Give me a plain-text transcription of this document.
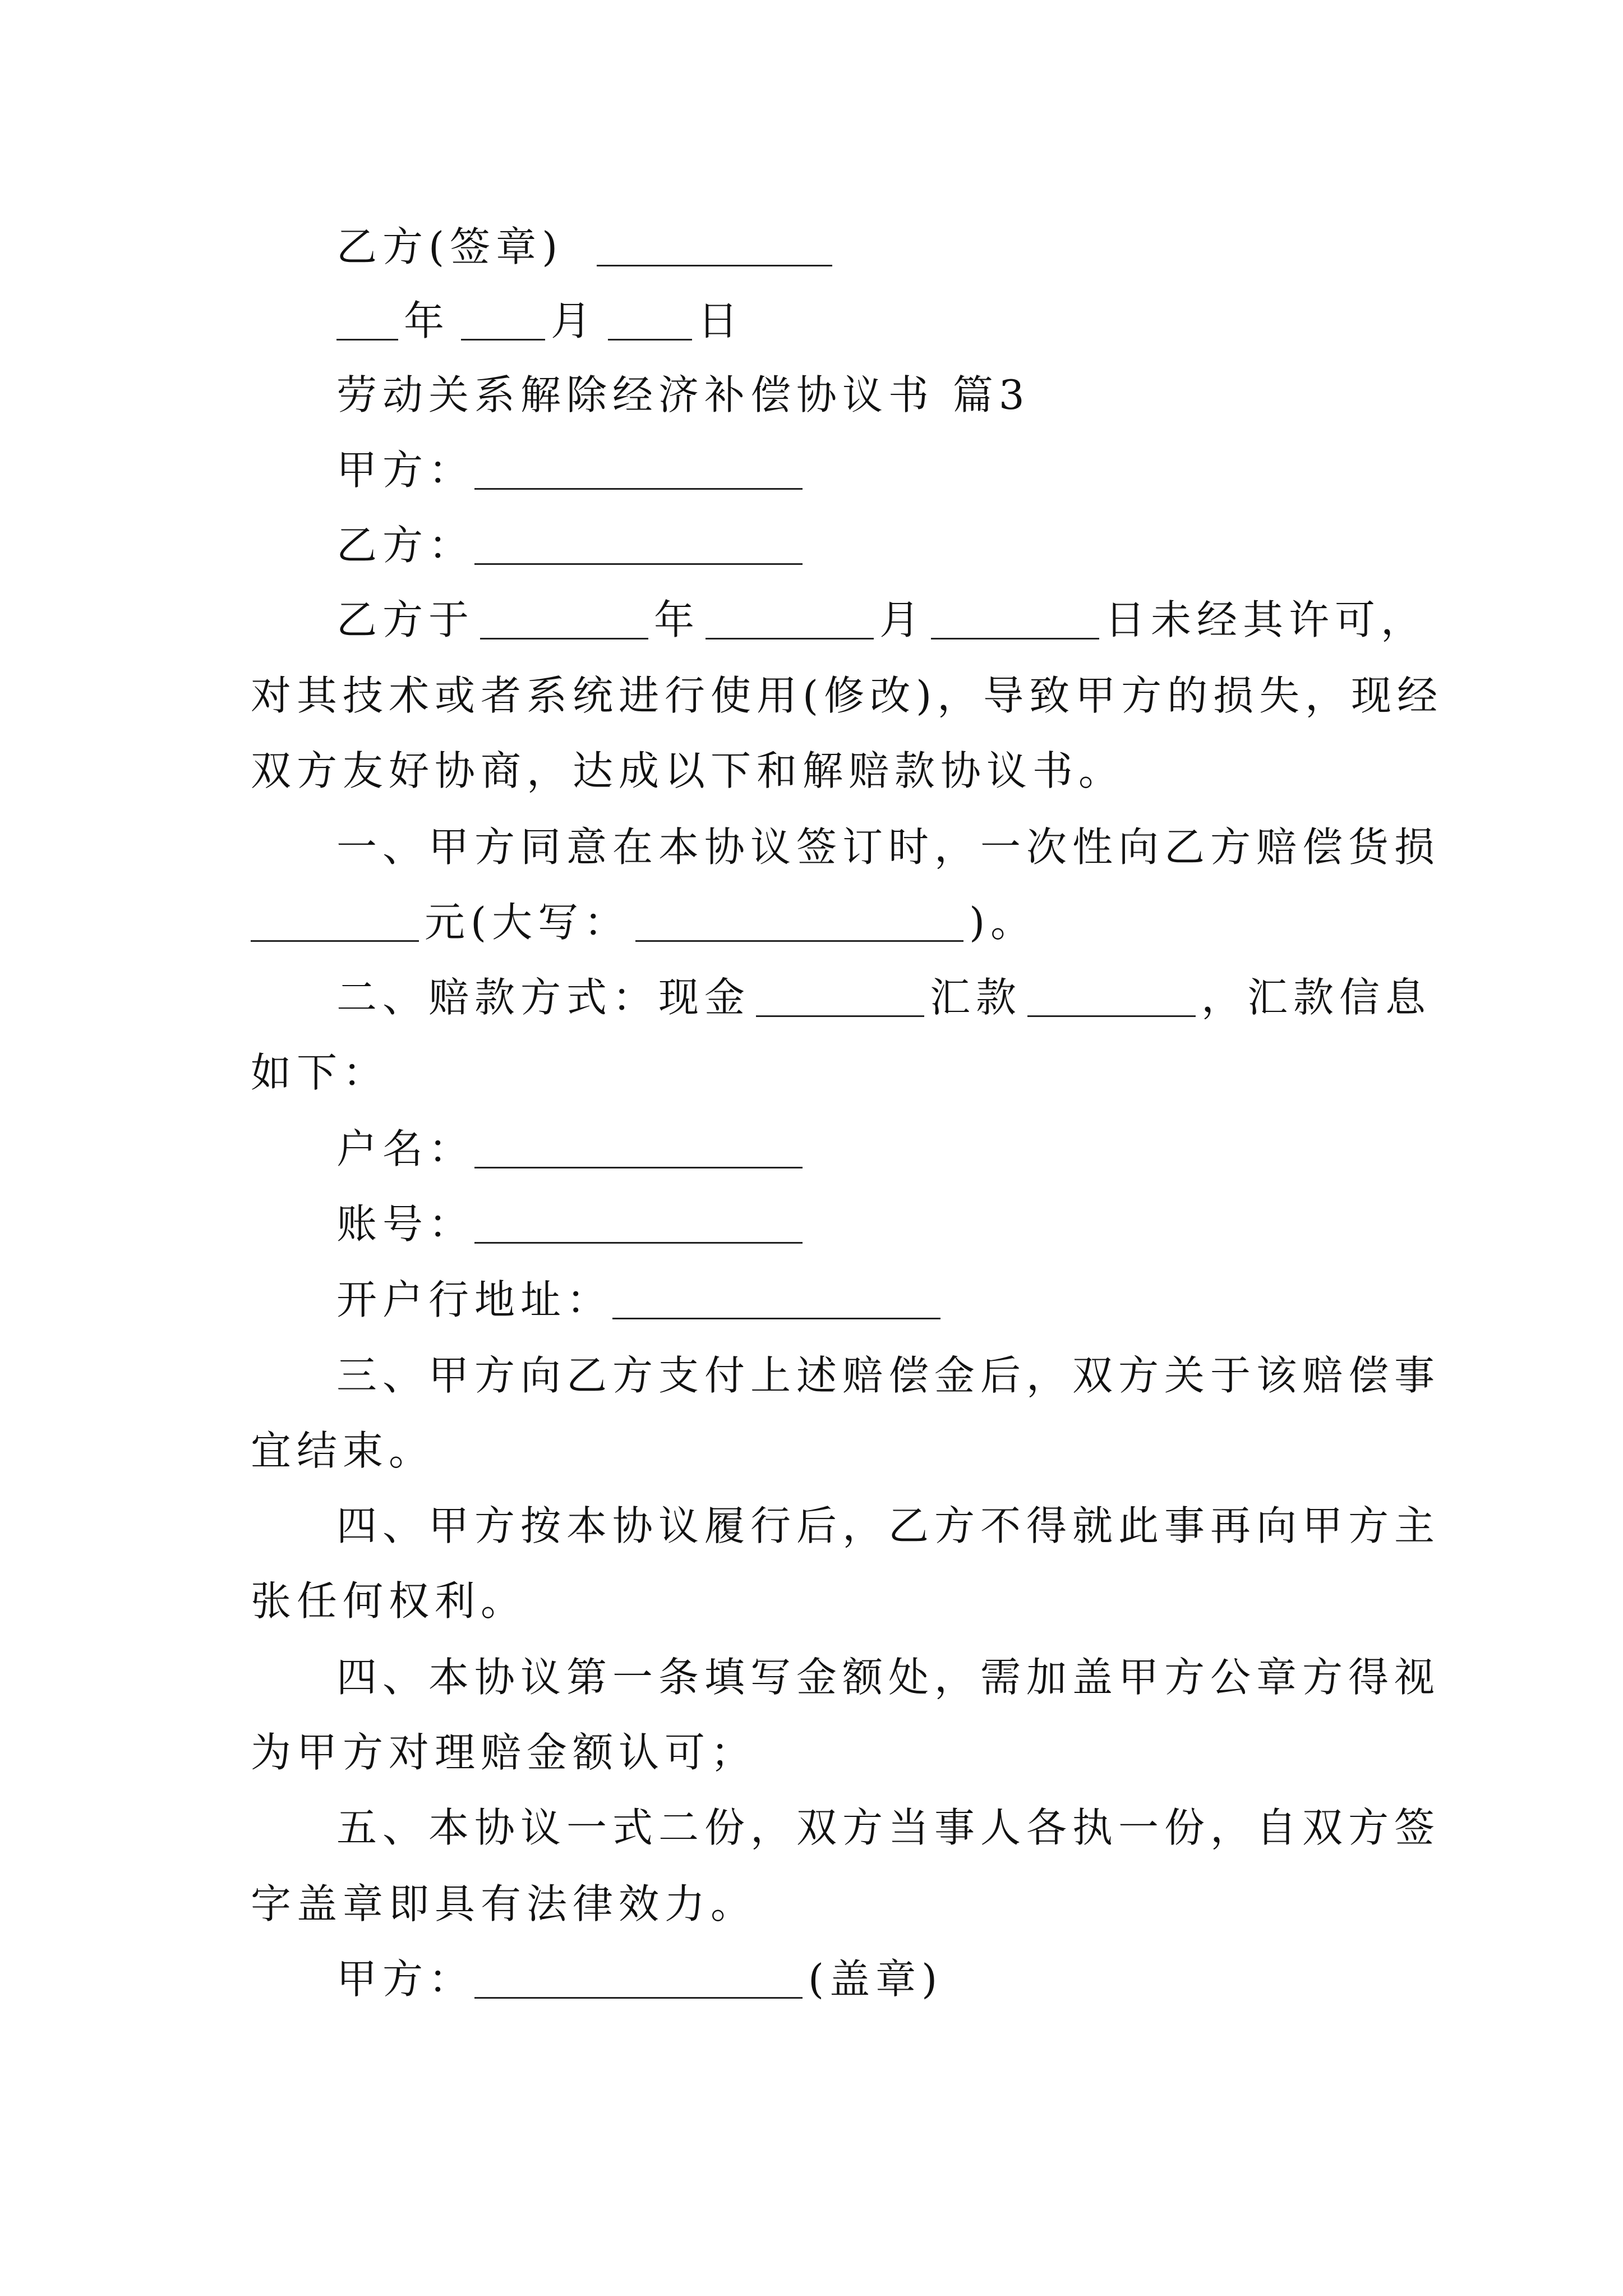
乙方(签章)
年	月	日
劳动关系解除经济补偿协议书 篇3
甲方：
乙方：
乙方于	年	月	日未经其许可，
对其技术或者系统进行使用(修改)，导致甲方的损失，现经
双方友好协商，达成以下和解赔款协议书。
一、甲方同意在本协议签订时，一次性向乙方赔偿货损
元(大写：	)。
二、赔款方式：现金	汇款	，汇款信息
如下：
户名：
账号：
开户行地址：
三、甲方向乙方支付上述赔偿金后，双方关于该赔偿事
宜结束。
四、甲方按本协议履行后，乙方不得就此事再向甲方主
张任何权利。
四、本协议第一条填写金额处，需加盖甲方公章方得视
为甲方对理赔金额认可；
五、本协议一式二份，双方当事人各执一份，自双方签
字盖章即具有法律效力。
甲方：	(盖章)
